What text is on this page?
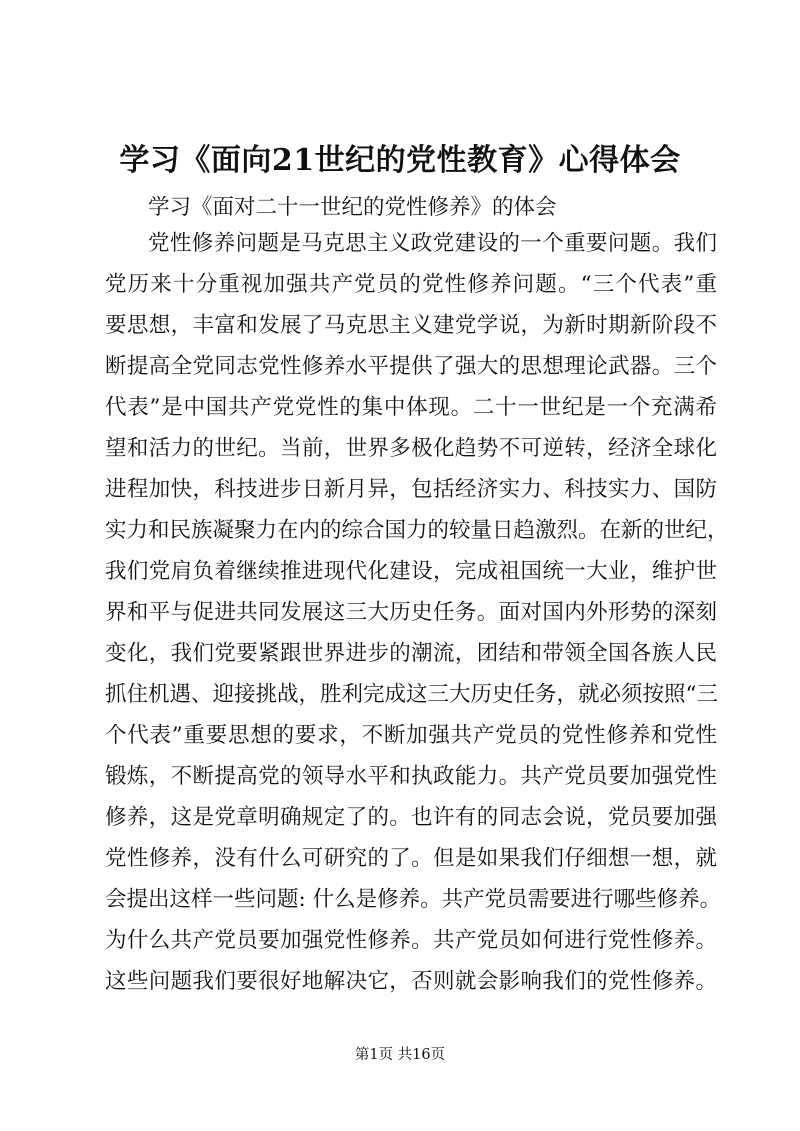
学习《面向21世纪的党性教育》心得体会
学习《面对二十一世纪的党性修养》的体会
党性修养问题是马克思主义政党建设的一个重要问题。我们
党历来十分重视加强共产党员的党性修养问题。“三个代表”重
要思想，丰富和发展了马克思主义建党学说，为新时期新阶段不
断提高全党同志党性修养水平提供了强大的思想理论武器。三个
代表”是中国共产党党性的集中体现。二十一世纪是一个充满希
望和活力的世纪。当前，世界多极化趋势不可逆转，经济全球化
进程加快，科技进步日新月异，包括经济实力、科技实力、国防
实力和民族凝聚力在内的综合国力的较量日趋激烈。在新的世纪，
我们党肩负着继续推进现代化建设，完成祖国统一大业，维护世
界和平与促进共同发展这三大历史任务。面对国内外形势的深刻
变化，我们党要紧跟世界进步的潮流，团结和带领全国各族人民
抓住机遇、迎接挑战，胜利完成这三大历史任务，就必须按照“三
个代表”重要思想的要求，不断加强共产党员的党性修养和党性
锻炼，不断提高党的领导水平和执政能力。共产党员要加强党性
修养，这是党章明确规定了的。也许有的同志会说，党员要加强
党性修养，没有什么可研究的了。但是如果我们仔细想一想，就
会提出这样一些问题: 什么是修养。共产党员需要进行哪些修养。
为什么共产党员要加强党性修养。共产党员如何进行党性修养。
这些问题我们要很好地解决它，否则就会影响我们的党性修养。
第1页 共16页
